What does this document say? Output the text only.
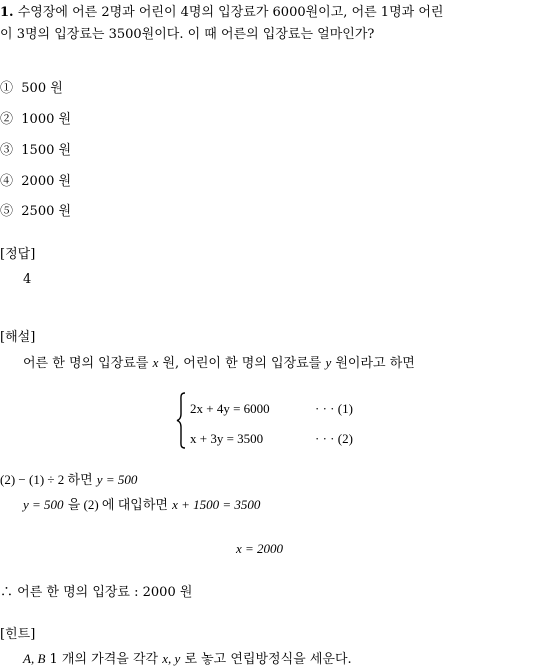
1. 수영장에 어른 2명과 어린이 4명의 입장료가 6000원이고, 어른 1명과 어린
이 3명의 입장료는 3500원이다. 이 때 어른의 입장료는 얼마인가?
① 500 원
② 1000 원
③ 1500 원
④ 2000 원
⑤ 2500 원
[정답]
4
[해설]
어른 한 명의 입장료를 x 원, 어린이 한 명의 입장료를 y 원이라고 하면
2x + 4y = 6000	· · · (1)
x + 3y = 3500	· · · (2)
(2) − (1) ÷ 2 하면 y = 500
y = 500 을 (2) 에 대입하면 x + 1500 = 3500
x = 2000
∴ 어른 한 명의 입장료 : 2000 원
[힌트]
A, B 1 개의 가격을 각각 x, y 로 놓고 연립방정식을 세운다.
